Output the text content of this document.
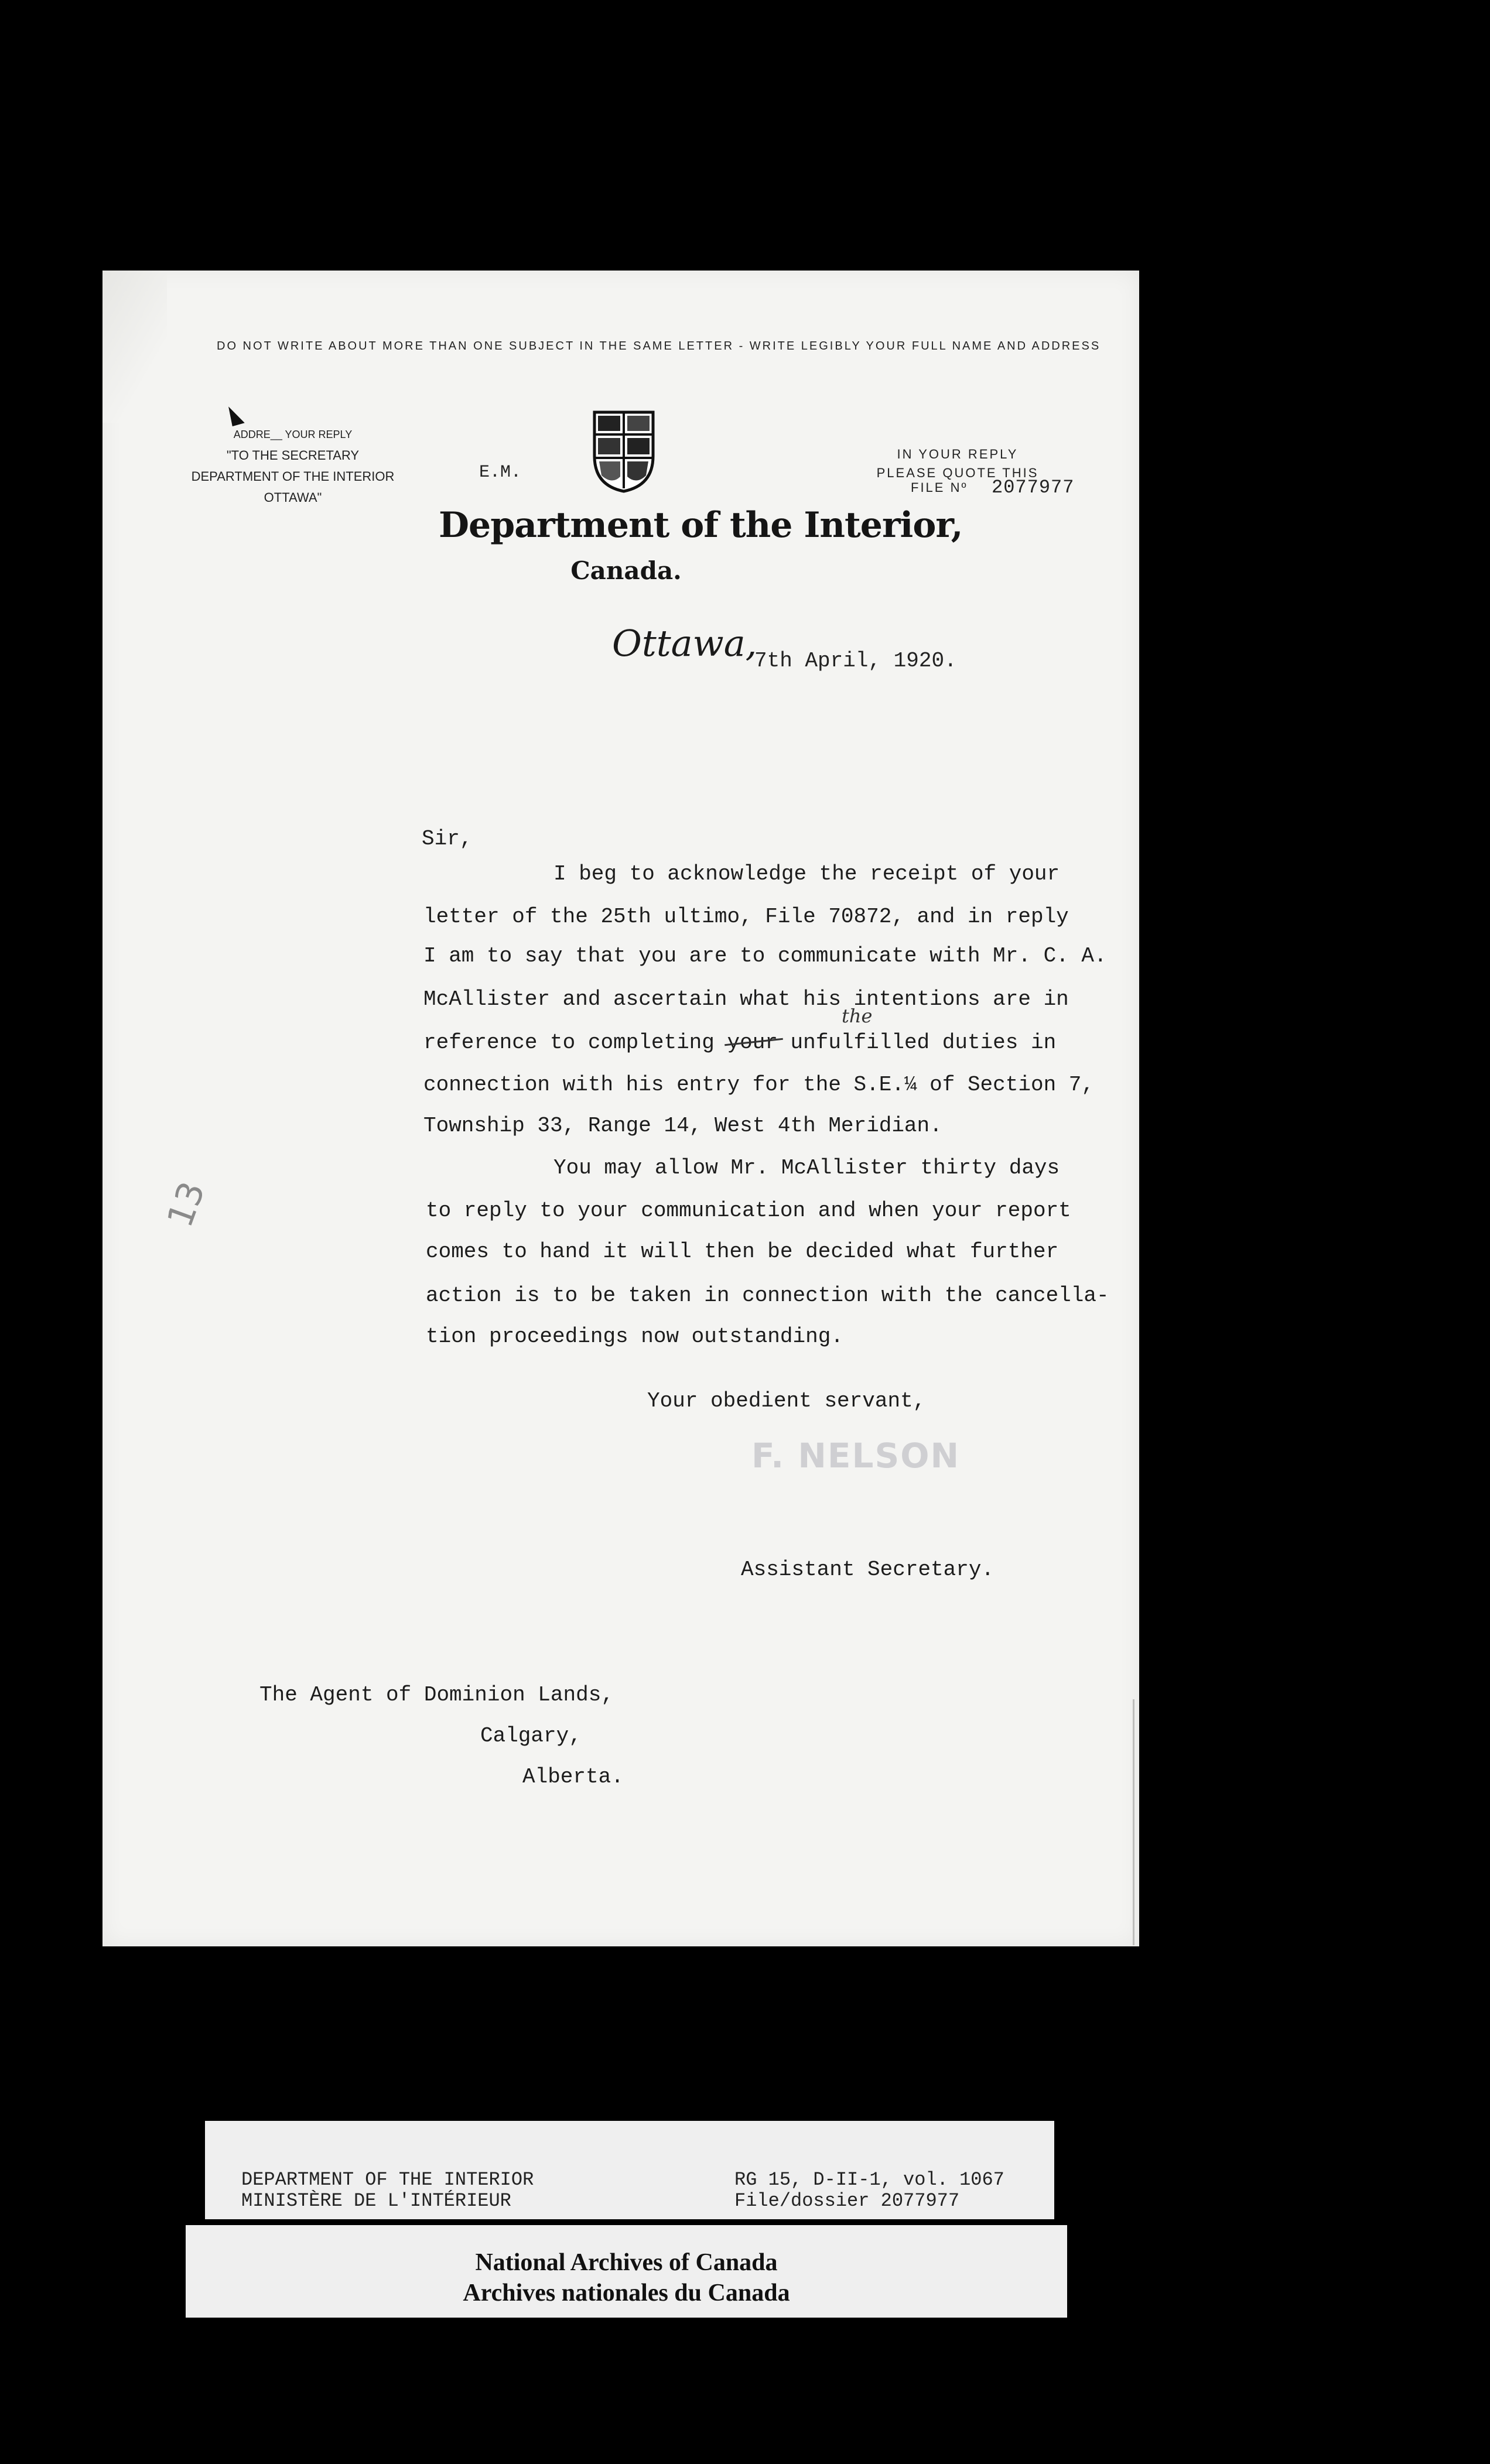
DO NOT WRITE ABOUT MORE THAN ONE SUBJECT IN THE SAME LETTER - WRITE LEGIBLY YOUR FULL NAME AND ADDRESS
ADDRE__ YOUR REPLY
"TO THE SECRETARY
DEPARTMENT OF THE INTERIOR
OTTAWA"
E.M.
Department of the Interior,
Canada.
IN YOUR REPLY
PLEASE QUOTE THIS
FILE Nº 2077977
Ottawa,
7th April, 1920.
Sir,
I beg to acknowledge the receipt of your
letter of the 25th ultimo, File 70872, and in reply
I am to say that you are to communicate with Mr. C. A.
McAllister and ascertain what his intentions are in
reference to completing your unfulfilled duties in
the
connection with his entry for the S.E.¼ of Section 7,
Township 33, Range 14, West 4th Meridian.
You may allow Mr. McAllister thirty days
to reply to your communication and when your report
comes to hand it will then be decided what further
action is to be taken in connection with the cancella-
tion proceedings now outstanding.
Your obedient servant,
F. NELSON
Assistant Secretary.
The Agent of Dominion Lands,
Calgary,
Alberta.
13
DEPARTMENT OF THE INTERIOR
MINISTÈRE DE L'INTÉRIEUR
RG 15, D-II-1, vol. 1067
File/dossier 2077977
National Archives of Canada
Archives nationales du Canada
